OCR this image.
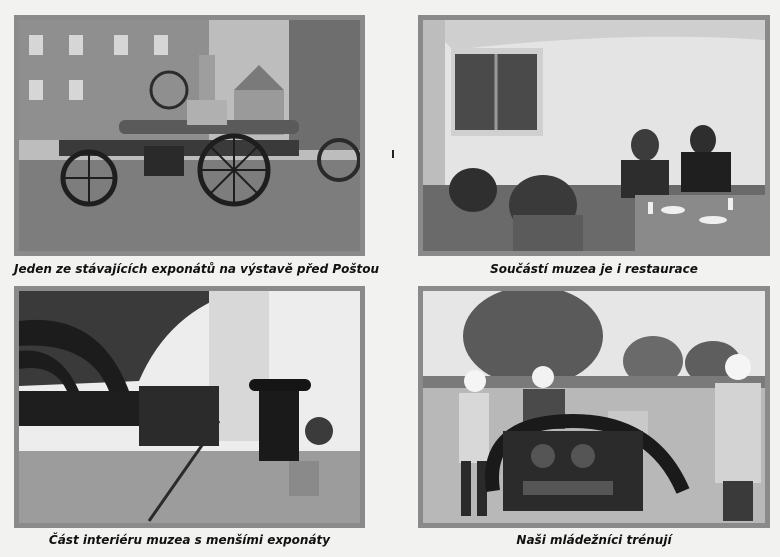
Jeden ze stávajících exponátů na výstavě před Poštou	Součástí muzea je i restaurace
Část interiéru muzea s menšími exponáty	Naši mládežníci trénují
